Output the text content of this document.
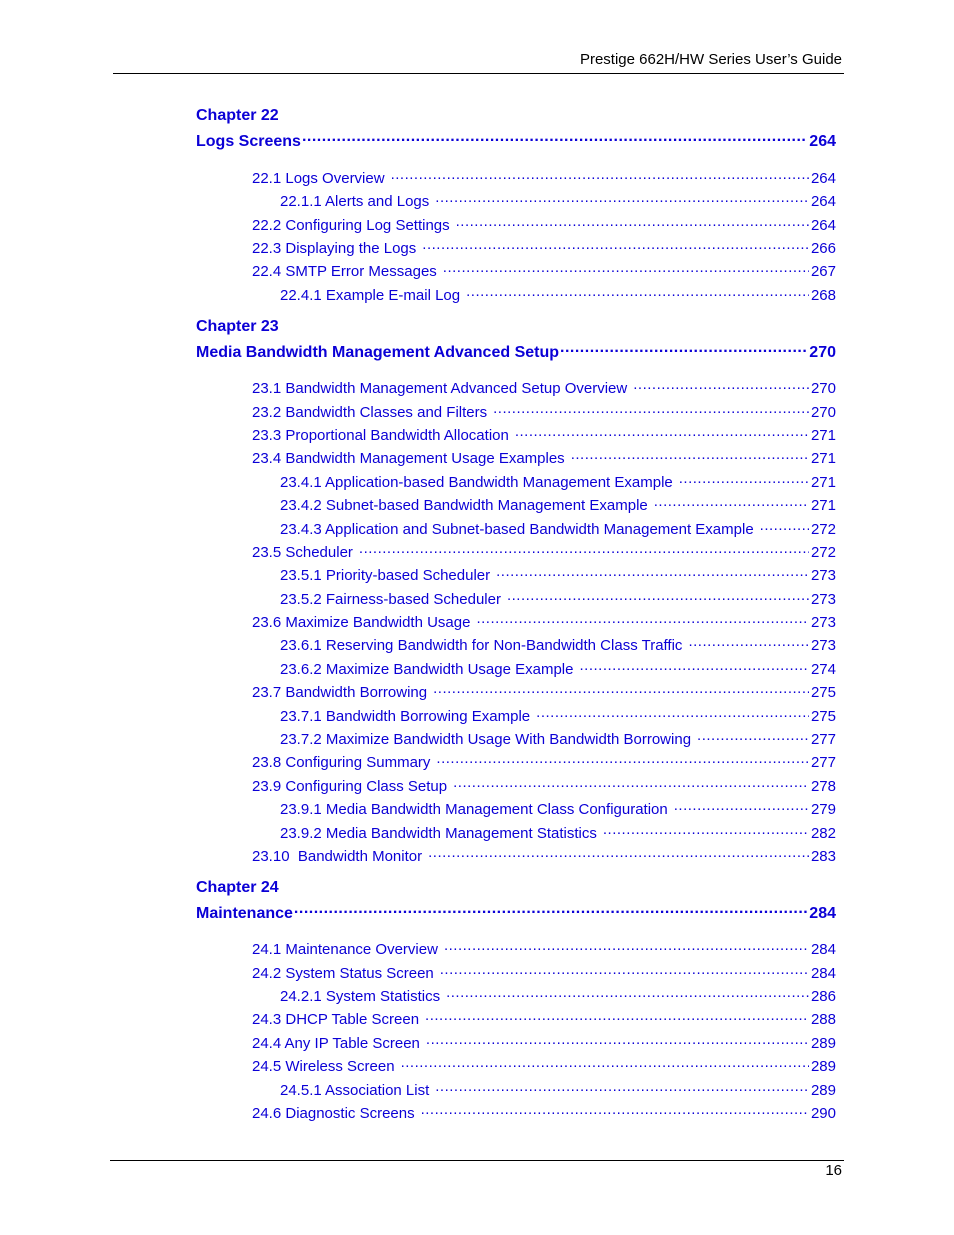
Prestige 662H/HW Series User’s Guide
Chapter 22
Logs Screens .....	264
22.1 Logs Overview .....	264
22.1.1 Alerts and Logs .....	264
22.2 Configuring Log Settings .....	264
22.3 Displaying the Logs .....	266
22.4 SMTP Error Messages .....	267
22.4.1 Example E-mail Log .....	268
Chapter 23
Media Bandwidth Management Advanced Setup .....	270
23.1 Bandwidth Management Advanced Setup Overview .....	270
23.2 Bandwidth Classes and Filters .....	270
23.3 Proportional Bandwidth Allocation .....	271
23.4 Bandwidth Management Usage Examples .....	271
23.4.1 Application-based Bandwidth Management Example .....	271
23.4.2 Subnet-based Bandwidth Management Example .....	271
23.4.3 Application and Subnet-based Bandwidth Management Example .....	272
23.5 Scheduler .....	272
23.5.1 Priority-based Scheduler .....	273
23.5.2 Fairness-based Scheduler .....	273
23.6 Maximize Bandwidth Usage .....	273
23.6.1 Reserving Bandwidth for Non-Bandwidth Class Traffic .....	273
23.6.2 Maximize Bandwidth Usage Example .....	274
23.7 Bandwidth Borrowing .....	275
23.7.1 Bandwidth Borrowing Example .....	275
23.7.2 Maximize Bandwidth Usage With Bandwidth Borrowing .....	277
23.8 Configuring Summary .....	277
23.9 Configuring Class Setup .....	278
23.9.1 Media Bandwidth Management Class Configuration .....	279
23.9.2 Media Bandwidth Management Statistics .....	282
23.10  Bandwidth Monitor .....	283
Chapter 24
Maintenance .....	284
24.1 Maintenance Overview .....	284
24.2 System Status Screen .....	284
24.2.1 System Statistics .....	286
24.3 DHCP Table Screen .....	288
24.4 Any IP Table Screen .....	289
24.5 Wireless Screen .....	289
24.5.1 Association List .....	289
24.6 Diagnostic Screens .....	290
16
